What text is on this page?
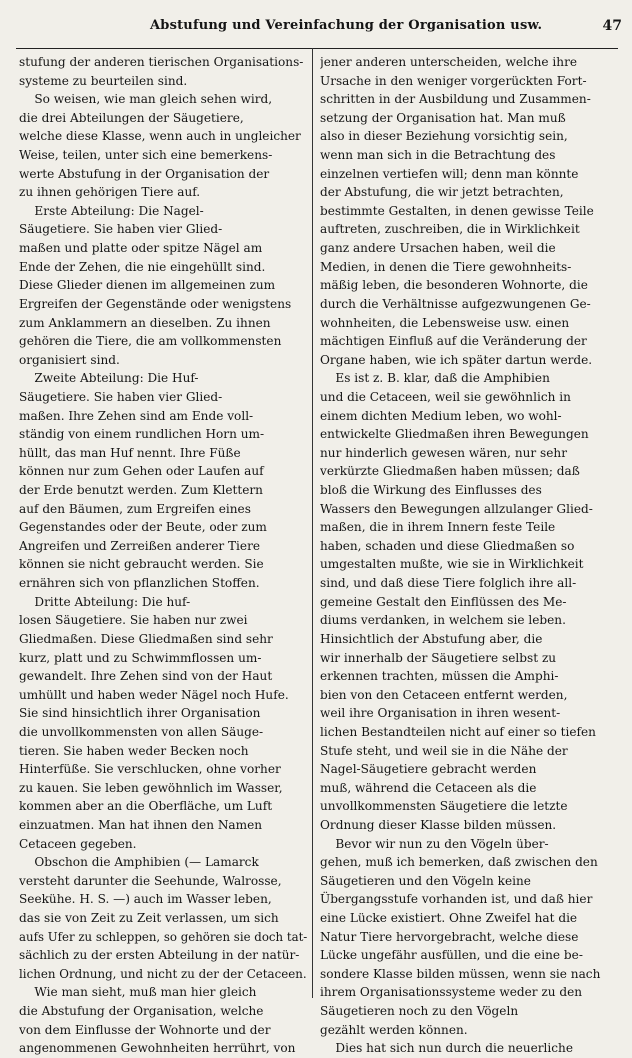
Abstufung und Vereinfachung der Organisation usw.	47
stufung der anderen tierischen Organisations-
systeme zu beurteilen sind.
So weisen, wie man gleich sehen wird,
die drei Abteilungen der Säugetiere,
welche diese Klasse, wenn auch in ungleicher
Weise, teilen, unter sich eine bemerkens-
werte Abstufung in der Organisation der
zu ihnen gehörigen Tiere auf.
Erste Abteilung: Die Nagel-
Säugetiere. Sie haben vier Glied-
maßen und platte oder spitze Nägel am
Ende der Zehen, die nie eingehüllt sind.
Diese Glieder dienen im allgemeinen zum
Ergreifen der Gegenstände oder wenigstens
zum Anklammern an dieselben. Zu ihnen
gehören die Tiere, die am vollkommensten
organisiert sind.
Zweite Abteilung: Die Huf-
Säugetiere. Sie haben vier Glied-
maßen. Ihre Zehen sind am Ende voll-
ständig von einem rundlichen Horn um-
hüllt, das man Huf nennt. Ihre Füße
können nur zum Gehen oder Laufen auf
der Erde benutzt werden. Zum Klettern
auf den Bäumen, zum Ergreifen eines
Gegenstandes oder der Beute, oder zum
Angreifen und Zerreißen anderer Tiere
können sie nicht gebraucht werden. Sie
ernähren sich von pflanzlichen Stoffen.
Dritte Abteilung: Die huf-
losen Säugetiere. Sie haben nur zwei
Gliedmaßen. Diese Gliedmaßen sind sehr
kurz, platt und zu Schwimmflossen um-
gewandelt. Ihre Zehen sind von der Haut
umhüllt und haben weder Nägel noch Hufe.
Sie sind hinsichtlich ihrer Organisation
die unvollkommensten von allen Säuge-
tieren. Sie haben weder Becken noch
Hinterfüße. Sie verschlucken, ohne vorher
zu kauen. Sie leben gewöhnlich im Wasser,
kommen aber an die Oberfläche, um Luft
einzuatmen. Man hat ihnen den Namen
Cetaceen gegeben.
Obschon die Amphibien (— Lamarck
versteht darunter die Seehunde, Walrosse,
Seekühe. H. S. —) auch im Wasser leben,
das sie von Zeit zu Zeit verlassen, um sich
aufs Ufer zu schleppen, so gehören sie doch tat-
sächlich zu der ersten Abteilung in der natür-
lichen Ordnung, und nicht zu der der Cetaceen.
Wie man sieht, muß man hier gleich
die Abstufung der Organisation, welche
von dem Einflusse der Wohnorte und der
angenommenen Gewohnheiten herrührt, von
jener anderen unterscheiden, welche ihre
Ursache in den weniger vorgerückten Fort-
schritten in der Ausbildung und Zusammen-
setzung der Organisation hat. Man muß
also in dieser Beziehung vorsichtig sein,
wenn man sich in die Betrachtung des
einzelnen vertiefen will; denn man könnte
der Abstufung, die wir jetzt betrachten,
bestimmte Gestalten, in denen gewisse Teile
auftreten, zuschreiben, die in Wirklichkeit
ganz andere Ursachen haben, weil die
Medien, in denen die Tiere gewohnheits-
mäßig leben, die besonderen Wohnorte, die
durch die Verhältnisse aufgezwungenen Ge-
wohnheiten, die Lebensweise usw. einen
mächtigen Einfluß auf die Veränderung der
Organe haben, wie ich später dartun werde.
Es ist z. B. klar, daß die Amphibien
und die Cetaceen, weil sie gewöhnlich in
einem dichten Medium leben, wo wohl-
entwickelte Gliedmaßen ihren Bewegungen
nur hinderlich gewesen wären, nur sehr
verkürzte Gliedmaßen haben müssen; daß
bloß die Wirkung des Einflusses des
Wassers den Bewegungen allzulanger Glied-
maßen, die in ihrem Innern feste Teile
haben, schaden und diese Gliedmaßen so
umgestalten mußte, wie sie in Wirklichkeit
sind, und daß diese Tiere folglich ihre all-
gemeine Gestalt den Einflüssen des Me-
diums verdanken, in welchem sie leben.
Hinsichtlich der Abstufung aber, die
wir innerhalb der Säugetiere selbst zu
erkennen trachten, müssen die Amphi-
bien von den Cetaceen entfernt werden,
weil ihre Organisation in ihren wesent-
lichen Bestandteilen nicht auf einer so tiefen
Stufe steht, und weil sie in die Nähe der
Nagel-Säugetiere gebracht werden
muß, während die Cetaceen als die
unvollkommensten Säugetiere die letzte
Ordnung dieser Klasse bilden müssen.
Bevor wir nun zu den Vögeln über-
gehen, muß ich bemerken, daß zwischen den
Säugetieren und den Vögeln keine
Übergangsstufe vorhanden ist, und daß hier
eine Lücke existiert. Ohne Zweifel hat die
Natur Tiere hervorgebracht, welche diese
Lücke ungefähr ausfüllen, und die eine be-
sondere Klasse bilden müssen, wenn sie nach
ihrem Organisationssysteme weder zu den
Säugetieren noch zu den Vögeln
gezählt werden können.
Dies hat sich nun durch die neuerliche
